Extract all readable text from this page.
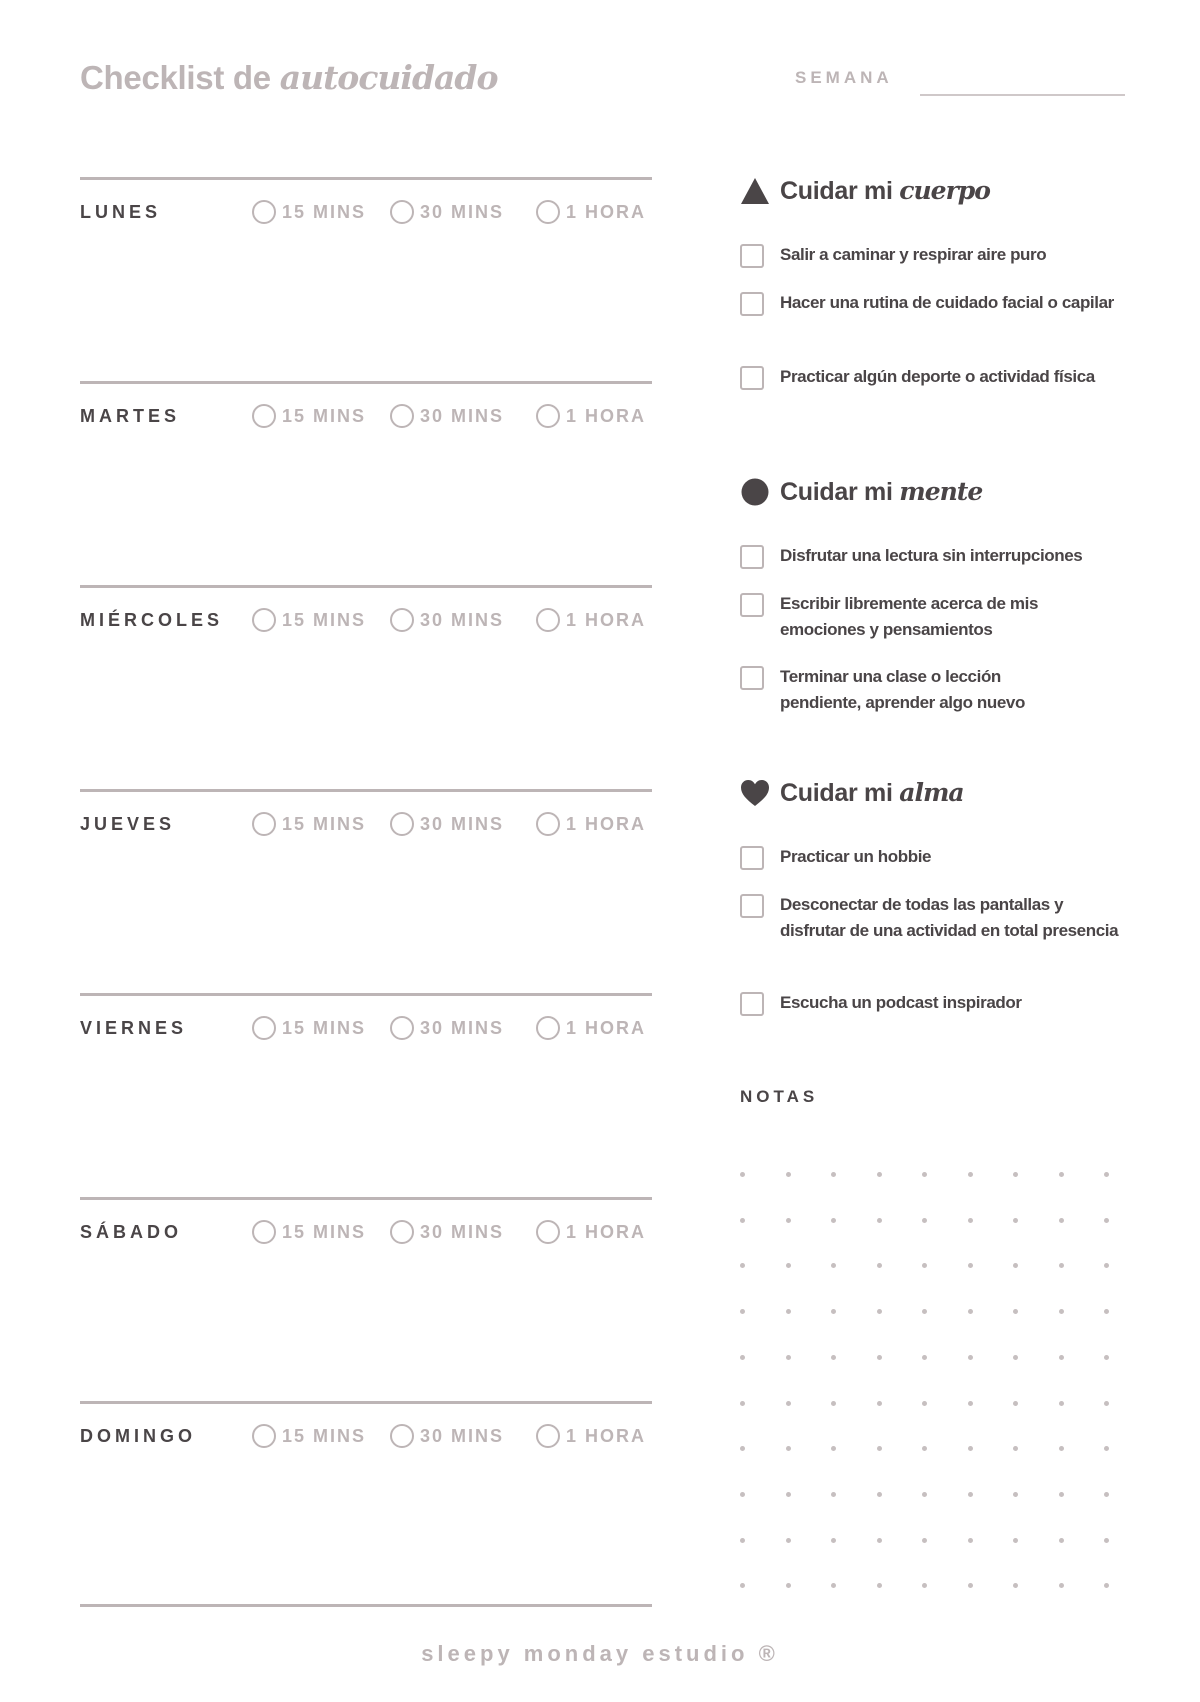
Checklist de autocuidado	SEMANA
LUNES	15 MINS	30 MINS	1 HORA
MARTES	15 MINS	30 MINS	1 HORA
MIÉRCOLES	15 MINS	30 MINS	1 HORA
JUEVES	15 MINS	30 MINS	1 HORA
VIERNES	15 MINS	30 MINS	1 HORA
SÁBADO	15 MINS	30 MINS	1 HORA
DOMINGO	15 MINS	30 MINS	1 HORA
Cuidar mi cuerpo
Salir a caminar y respirar aire puro
Hacer una rutina de cuidado facial o capilar
Practicar algún deporte o actividad física
Cuidar mi mente
Disfrutar una lectura sin interrupciones
Escribir libremente acerca de mis emociones y pensamientos
Terminar una clase o lección pendiente, aprender algo nuevo
Cuidar mi alma
Practicar un hobbie
Desconectar de todas las pantallas y disfrutar de una actividad en total presencia
Escucha un podcast inspirador
NOTAS
sleepy monday estudio ®
